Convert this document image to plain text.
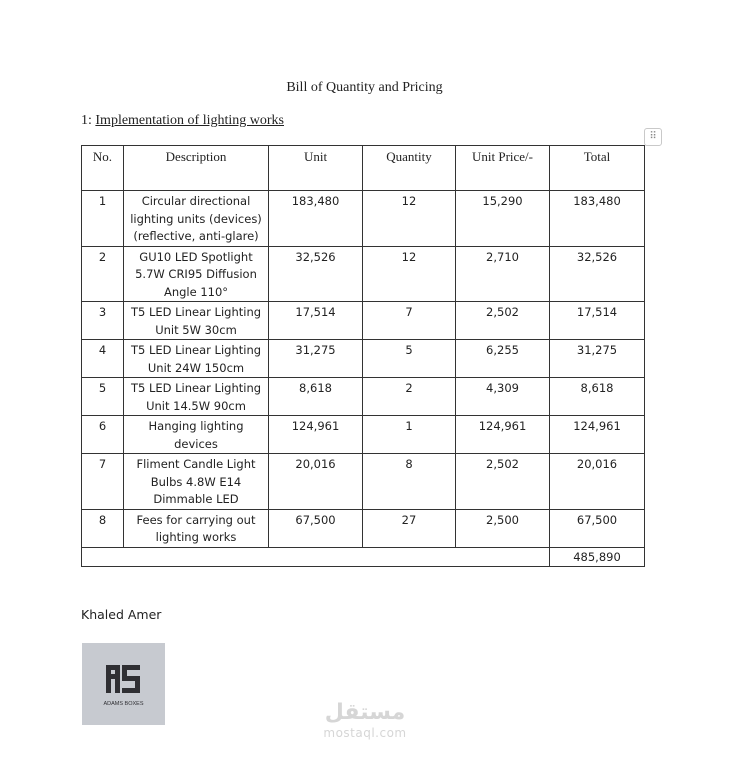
Bill of Quantity and Pricing
1: Implementation of lighting works
⠿
No.	Description	Unit	Quantity	Unit Price/-	Total
1	Circular directional lighting units (devices) (reflective, anti-glare)	183,480	12	15,290	183,480
2	GU10 LED Spotlight 5.7W CRI95 Diffusion Angle 110°	32,526	12	2,710	32,526
3	T5 LED Linear Lighting Unit 5W 30cm	17,514	7	2,502	17,514
4	T5 LED Linear Lighting Unit 24W 150cm	31,275	5	6,255	31,275
5	T5 LED Linear Lighting Unit 14.5W 90cm	8,618	2	4,309	8,618
6	Hanging lighting devices	124,961	1	124,961	124,961
7	Fliment Candle Light Bulbs 4.8W E14 Dimmable LED	20,016	8	2,502	20,016
8	Fees for carrying out lighting works	67,500	27	2,500	67,500
					485,890
Khaled Amer
ADAMS BOXES	مستقل
mostaql.com
